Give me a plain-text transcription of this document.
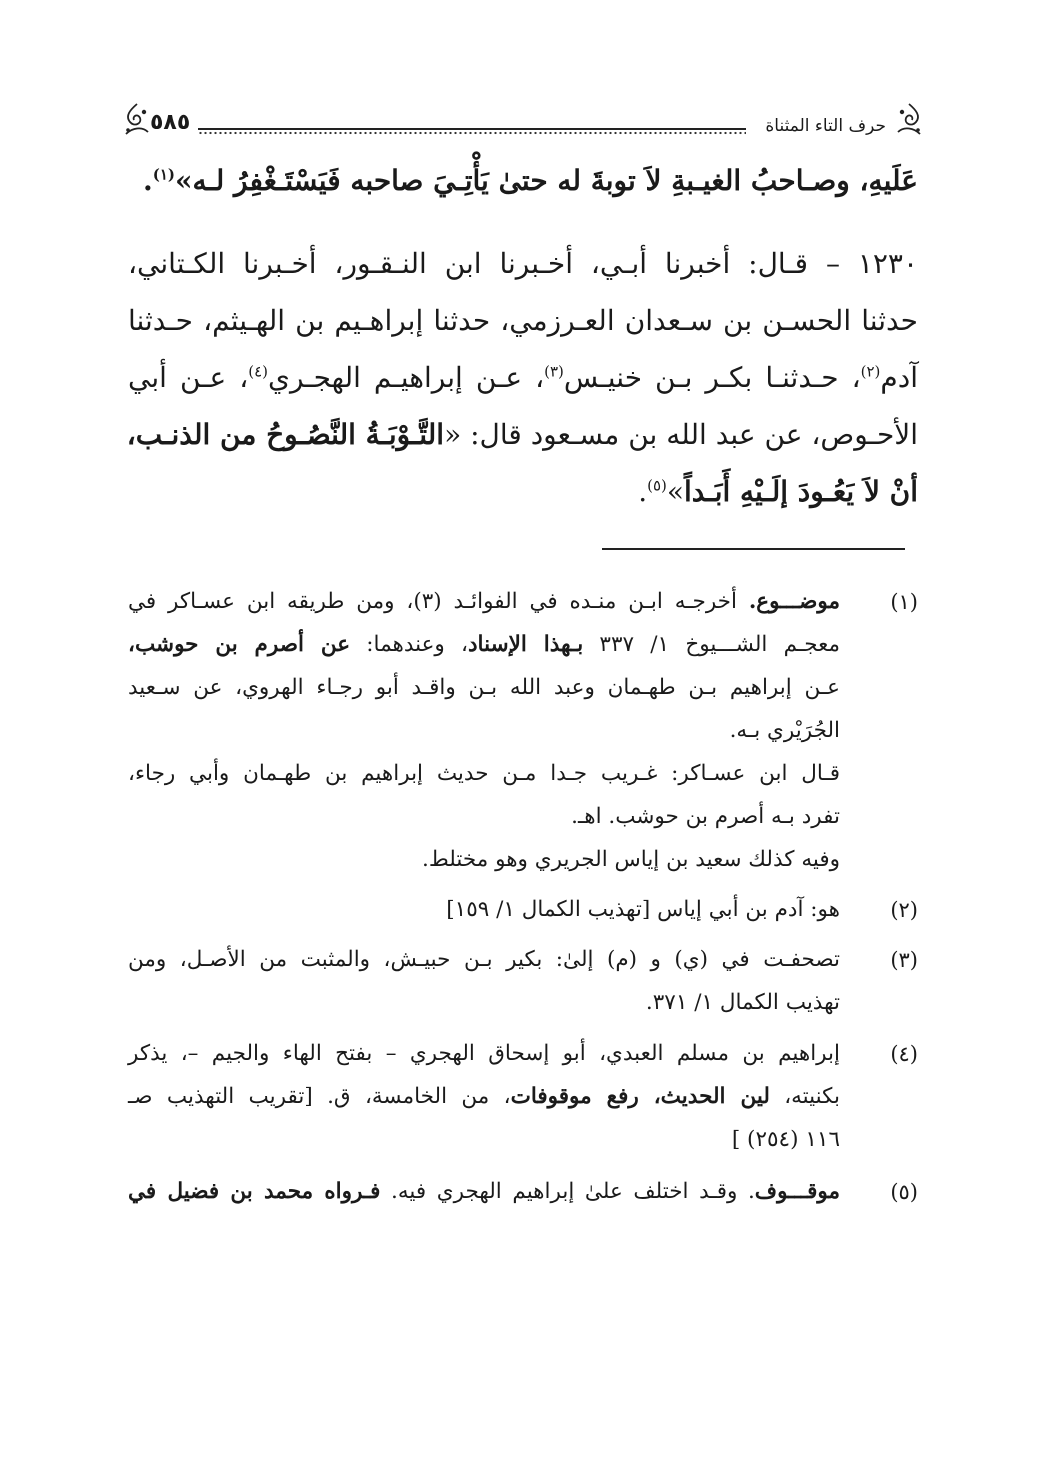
حرف التاء المثناة
٥٨٥
عَلَيهِ، وصـاحبُ الغيـبةِ لاَ توبةَ له حتىٰ يَأْتِـيَ صاحبه فَيَسْتَـغْفِرُ لـه»$^{(١)}$.
١٢٣٠ – قـال: أخبرنا أبـي، أخـبرنا ابن النـقـور، أخـبرنا الكـتاني،
حدثنا الحسـن بن سـعدان العـرزمي، حدثنا إبراهـيم بن الهـيثم، حـدثنا
آدم$^{(٢)}$، حـدثنـا بكـر بـن خنيـس$^{(٣)}$، عـن إبراهيـم الهجـري$^{(٤)}$، عـن أبي
الأحـوص، عن عبد الله بن مسـعود قال: «التَّـوْبَـةُ النَّصُـوحُ من الذنـب،
أنْ لاَ يَعُـودَ إلَـيْهِ أَبَـداً»$^{(٥)}$.
(١)
موضـــوع. أخرجـه ابـن منـده في الفوائـد (٣)، ومن طريقه ابن عسـاكر في
معجـم الشـــيوخ ١/ ٣٣٧ بـهذا الإسناد، وعندهما: عن أصرم بن حوشب،
عـن إبراهيم بـن طهـمان وعبد الله بـن واقـد أبو رجـاء الهروي، عن سـعيد
الجُرَيْري بـه.
قـال ابن عسـاكر: غـريب جـدا مـن حديث إبراهيم بن طهـمان وأبي رجاء،
تفرد بـه أصرم بن حوشب. اهـ.
وفيه كذلك سعيد بن إياس الجريري وهو مختلط.
(٢)
هو: آدم بن أبي إياس [تهذيب الكمال ١/ ١٥٩]
(٣)
تصحفـت في (ي) و (م) إلىٰ: بكير بـن حبيـش، والمثبت من الأصـل، ومن
تهذيب الكمال ١/ ٣٧١.
(٤)
إبراهيم بن مسلم العبدي، أبو إسحاق الهجري – بفتح الهاء والجيم –، يذكر
بكنيته، لين الحديث، رفع موقوفات، من الخامسة، ق. [تقريب التهذيب صـ
١١٦ (٢٥٤) ]
(٥)
موقـــوف. وقـد اختلف علىٰ إبراهيم الهجري فيه. فـرواه محمد بن فضيل في
